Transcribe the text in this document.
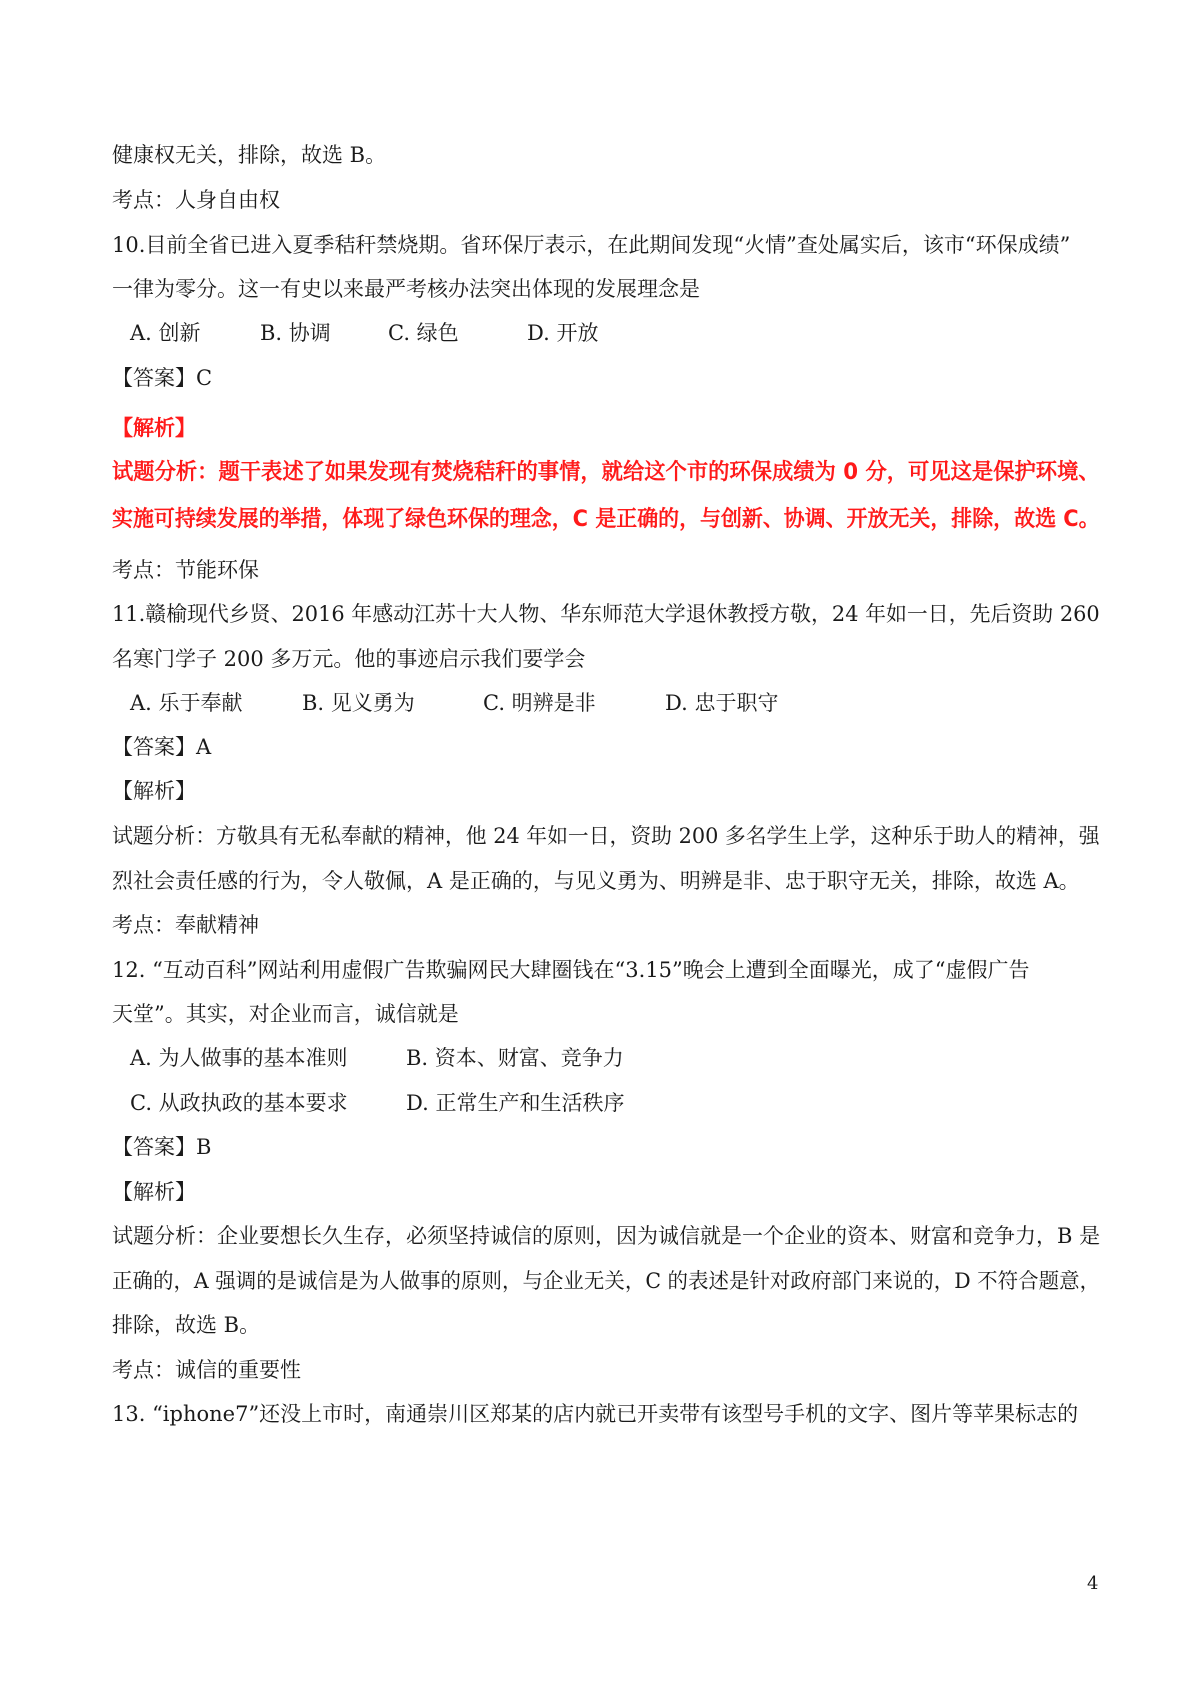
健康权无关，排除，故选 B。
考点：人身自由权
10.目前全省已进入夏季秸秆禁烧期。省环保厅表示，在此期间发现“火情”查处属实后，该市“环保成绩”
一律为零分。这一有史以来最严考核办法突出体现的发展理念是
A. 创新	B. 协调	C. 绿色	D. 开放
【答案】C
【解析】
试题分析：题干表述了如果发现有焚烧秸秆的事情，就给这个市的环保成绩为 0 分，可见这是保护环境、
实施可持续发展的举措，体现了绿色环保的理念，C 是正确的，与创新、协调、开放无关，排除，故选 C。
考点：节能环保
11.赣榆现代乡贤、2016 年感动江苏十大人物、华东师范大学退休教授方敬，24 年如一日，先后资助 260
名寒门学子 200 多万元。他的事迹启示我们要学会
A. 乐于奉献	B. 见义勇为	C. 明辨是非	D. 忠于职守
【答案】A
【解析】
试题分析：方敬具有无私奉献的精神，他 24 年如一日，资助 200 多名学生上学，这种乐于助人的精神，强
烈社会责任感的行为，令人敬佩，A 是正确的，与见义勇为、明辨是非、忠于职守无关，排除，故选 A。
考点：奉献精神
12. “互动百科”网站利用虚假广告欺骗网民大肆圈钱在“3.15”晚会上遭到全面曝光，成了“虚假广告
天堂”。其实，对企业而言，诚信就是
A. 为人做事的基本准则	B. 资本、财富、竞争力
C. 从政执政的基本要求	D. 正常生产和生活秩序
【答案】B
【解析】
试题分析：企业要想长久生存，必须坚持诚信的原则，因为诚信就是一个企业的资本、财富和竞争力，B 是
正确的，A 强调的是诚信是为人做事的原则，与企业无关，C 的表述是针对政府部门来说的，D 不符合题意，
排除，故选 B。
考点：诚信的重要性
13. “iphone7”还没上市时，南通崇川区郑某的店内就已开卖带有该型号手机的文字、图片等苹果标志的
4
